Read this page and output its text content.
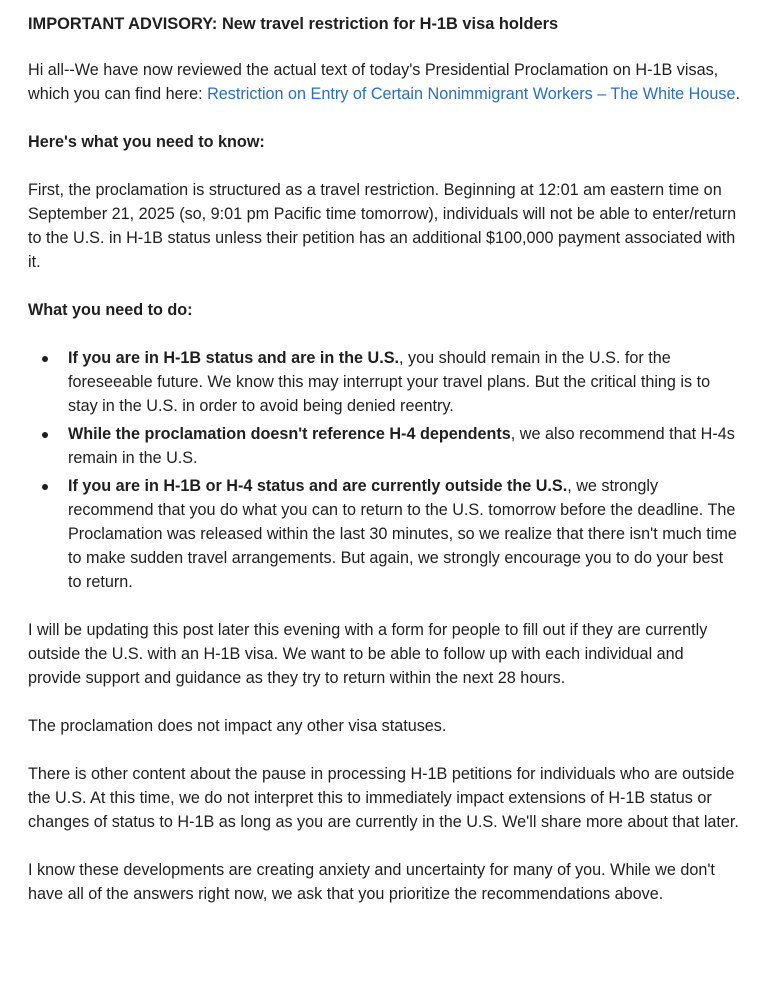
IMPORTANT ADVISORY: New travel restriction for H-1B visa holders

Hi all--We have now reviewed the actual text of today's Presidential Proclamation on H-1B visas, which you can find here: Restriction on Entry of Certain Nonimmigrant Workers – The White House.

Here's what you need to know:

First, the proclamation is structured as a travel restriction. Beginning at 12:01 am eastern time on September 21, 2025 (so, 9:01 pm Pacific time tomorrow), individuals will not be able to enter/return to the U.S. in H-1B status unless their petition has an additional $100,000 payment associated with it.

What you need to do:

If you are in H-1B status and are in the U.S., you should remain in the U.S. for the foreseeable future. We know this may interrupt your travel plans. But the critical thing is to stay in the U.S. in order to avoid being denied reentry.
While the proclamation doesn't reference H-4 dependents, we also recommend that H-4s remain in the U.S.
If you are in H-1B or H-4 status and are currently outside the U.S., we strongly recommend that you do what you can to return to the U.S. tomorrow before the deadline. The Proclamation was released within the last 30 minutes, so we realize that there isn't much time to make sudden travel arrangements. But again, we strongly encourage you to do your best to return.

I will be updating this post later this evening with a form for people to fill out if they are currently outside the U.S. with an H-1B visa. We want to be able to follow up with each individual and provide support and guidance as they try to return within the next 28 hours.

The proclamation does not impact any other visa statuses.

There is other content about the pause in processing H-1B petitions for individuals who are outside the U.S. At this time, we do not interpret this to immediately impact extensions of H-1B status or changes of status to H-1B as long as you are currently in the U.S. We'll share more about that later.

I know these developments are creating anxiety and uncertainty for many of you. While we don't have all of the answers right now, we ask that you prioritize the recommendations above.
